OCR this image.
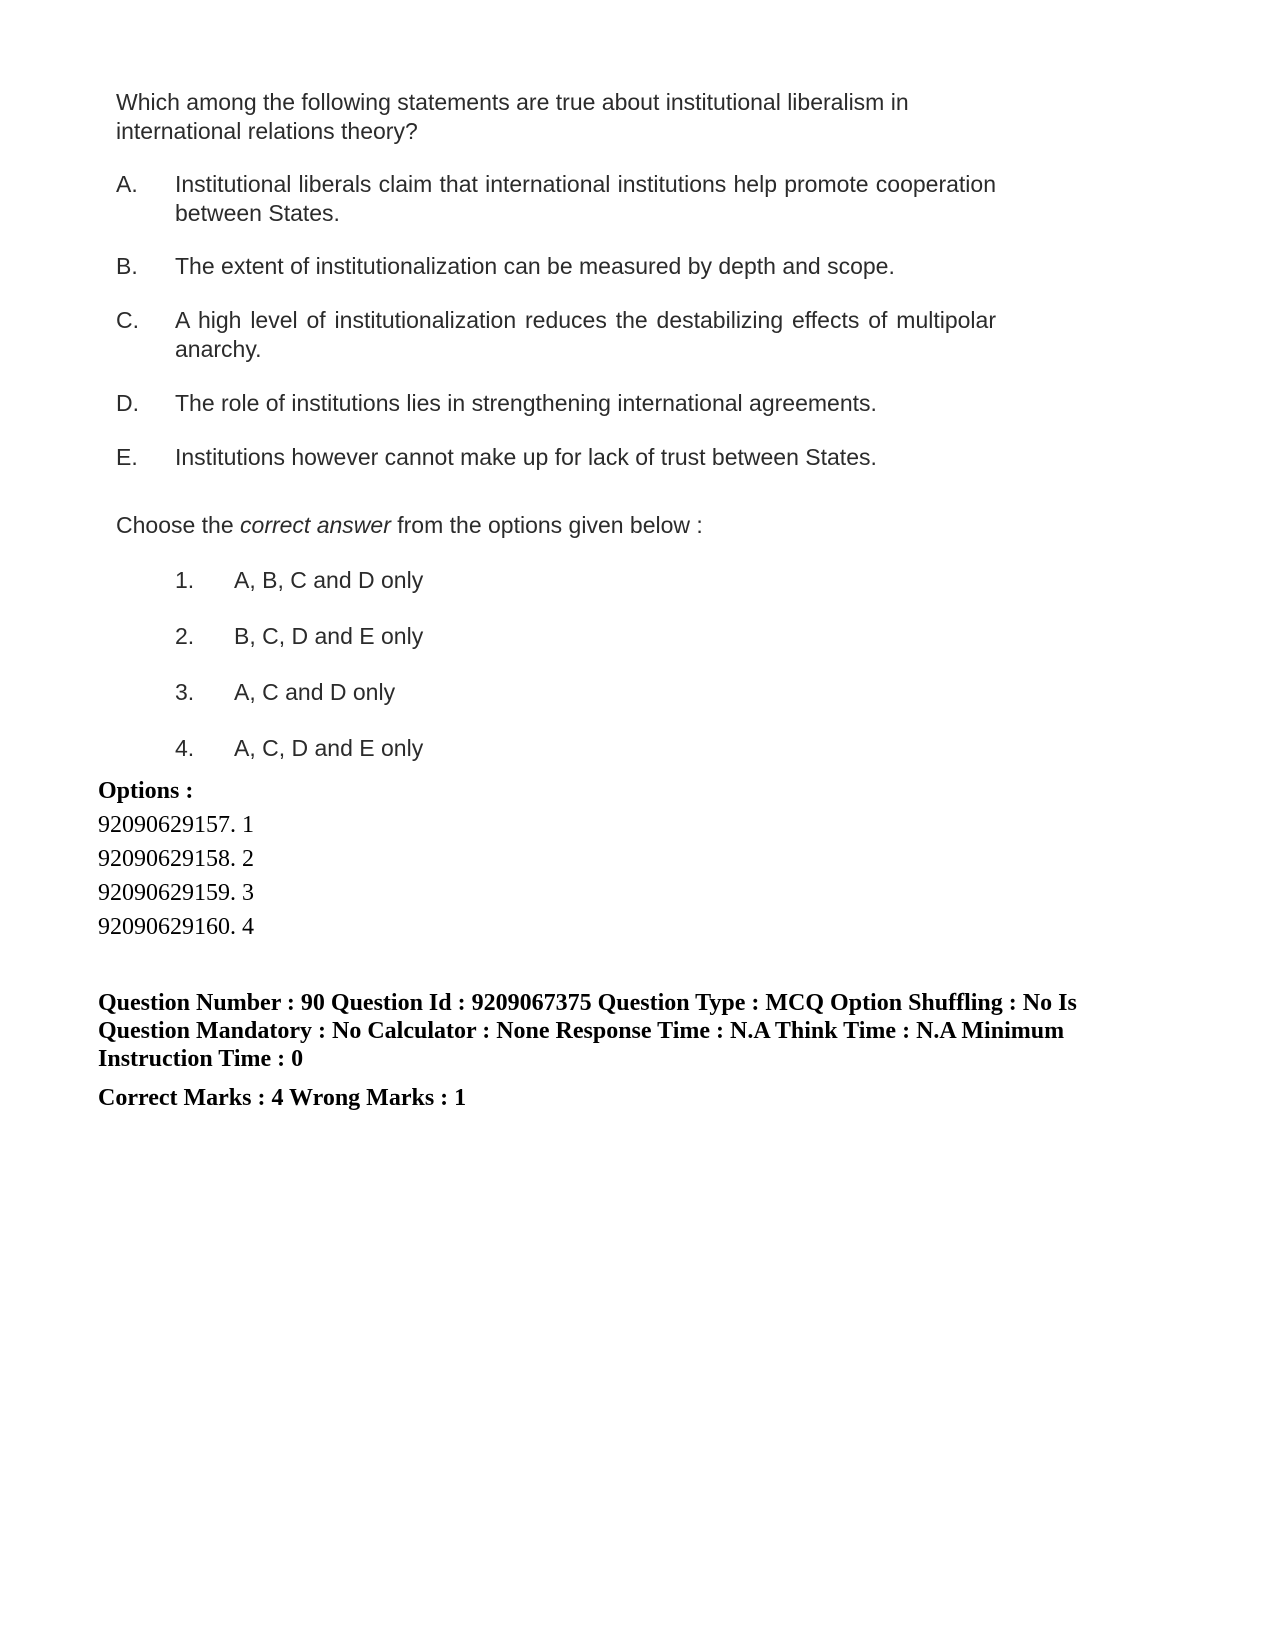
Which among the following statements are true about institutional liberalism in international relations theory?
A.	Institutional liberals claim that international institutions help promote cooperation between States.
B.	The extent of institutionalization can be measured by depth and scope.
C.	A high level of institutionalization reduces the destabilizing effects of multipolar anarchy.
D.	The role of institutions lies in strengthening international agreements.
E.	Institutions however cannot make up for lack of trust between States.
Choose the correct answer from the options given below :
1. A, B, C and D only
2. B, C, D and E only
3. A, C and D only
4. A, C, D and E only
Options :
92090629157. 1
92090629158. 2
92090629159. 3
92090629160. 4
Question Number : 90 Question Id : 9209067375 Question Type : MCQ Option Shuffling : No Is Question Mandatory : No Calculator : None Response Time : N.A Think Time : N.A Minimum Instruction Time : 0
Correct Marks : 4 Wrong Marks : 1
